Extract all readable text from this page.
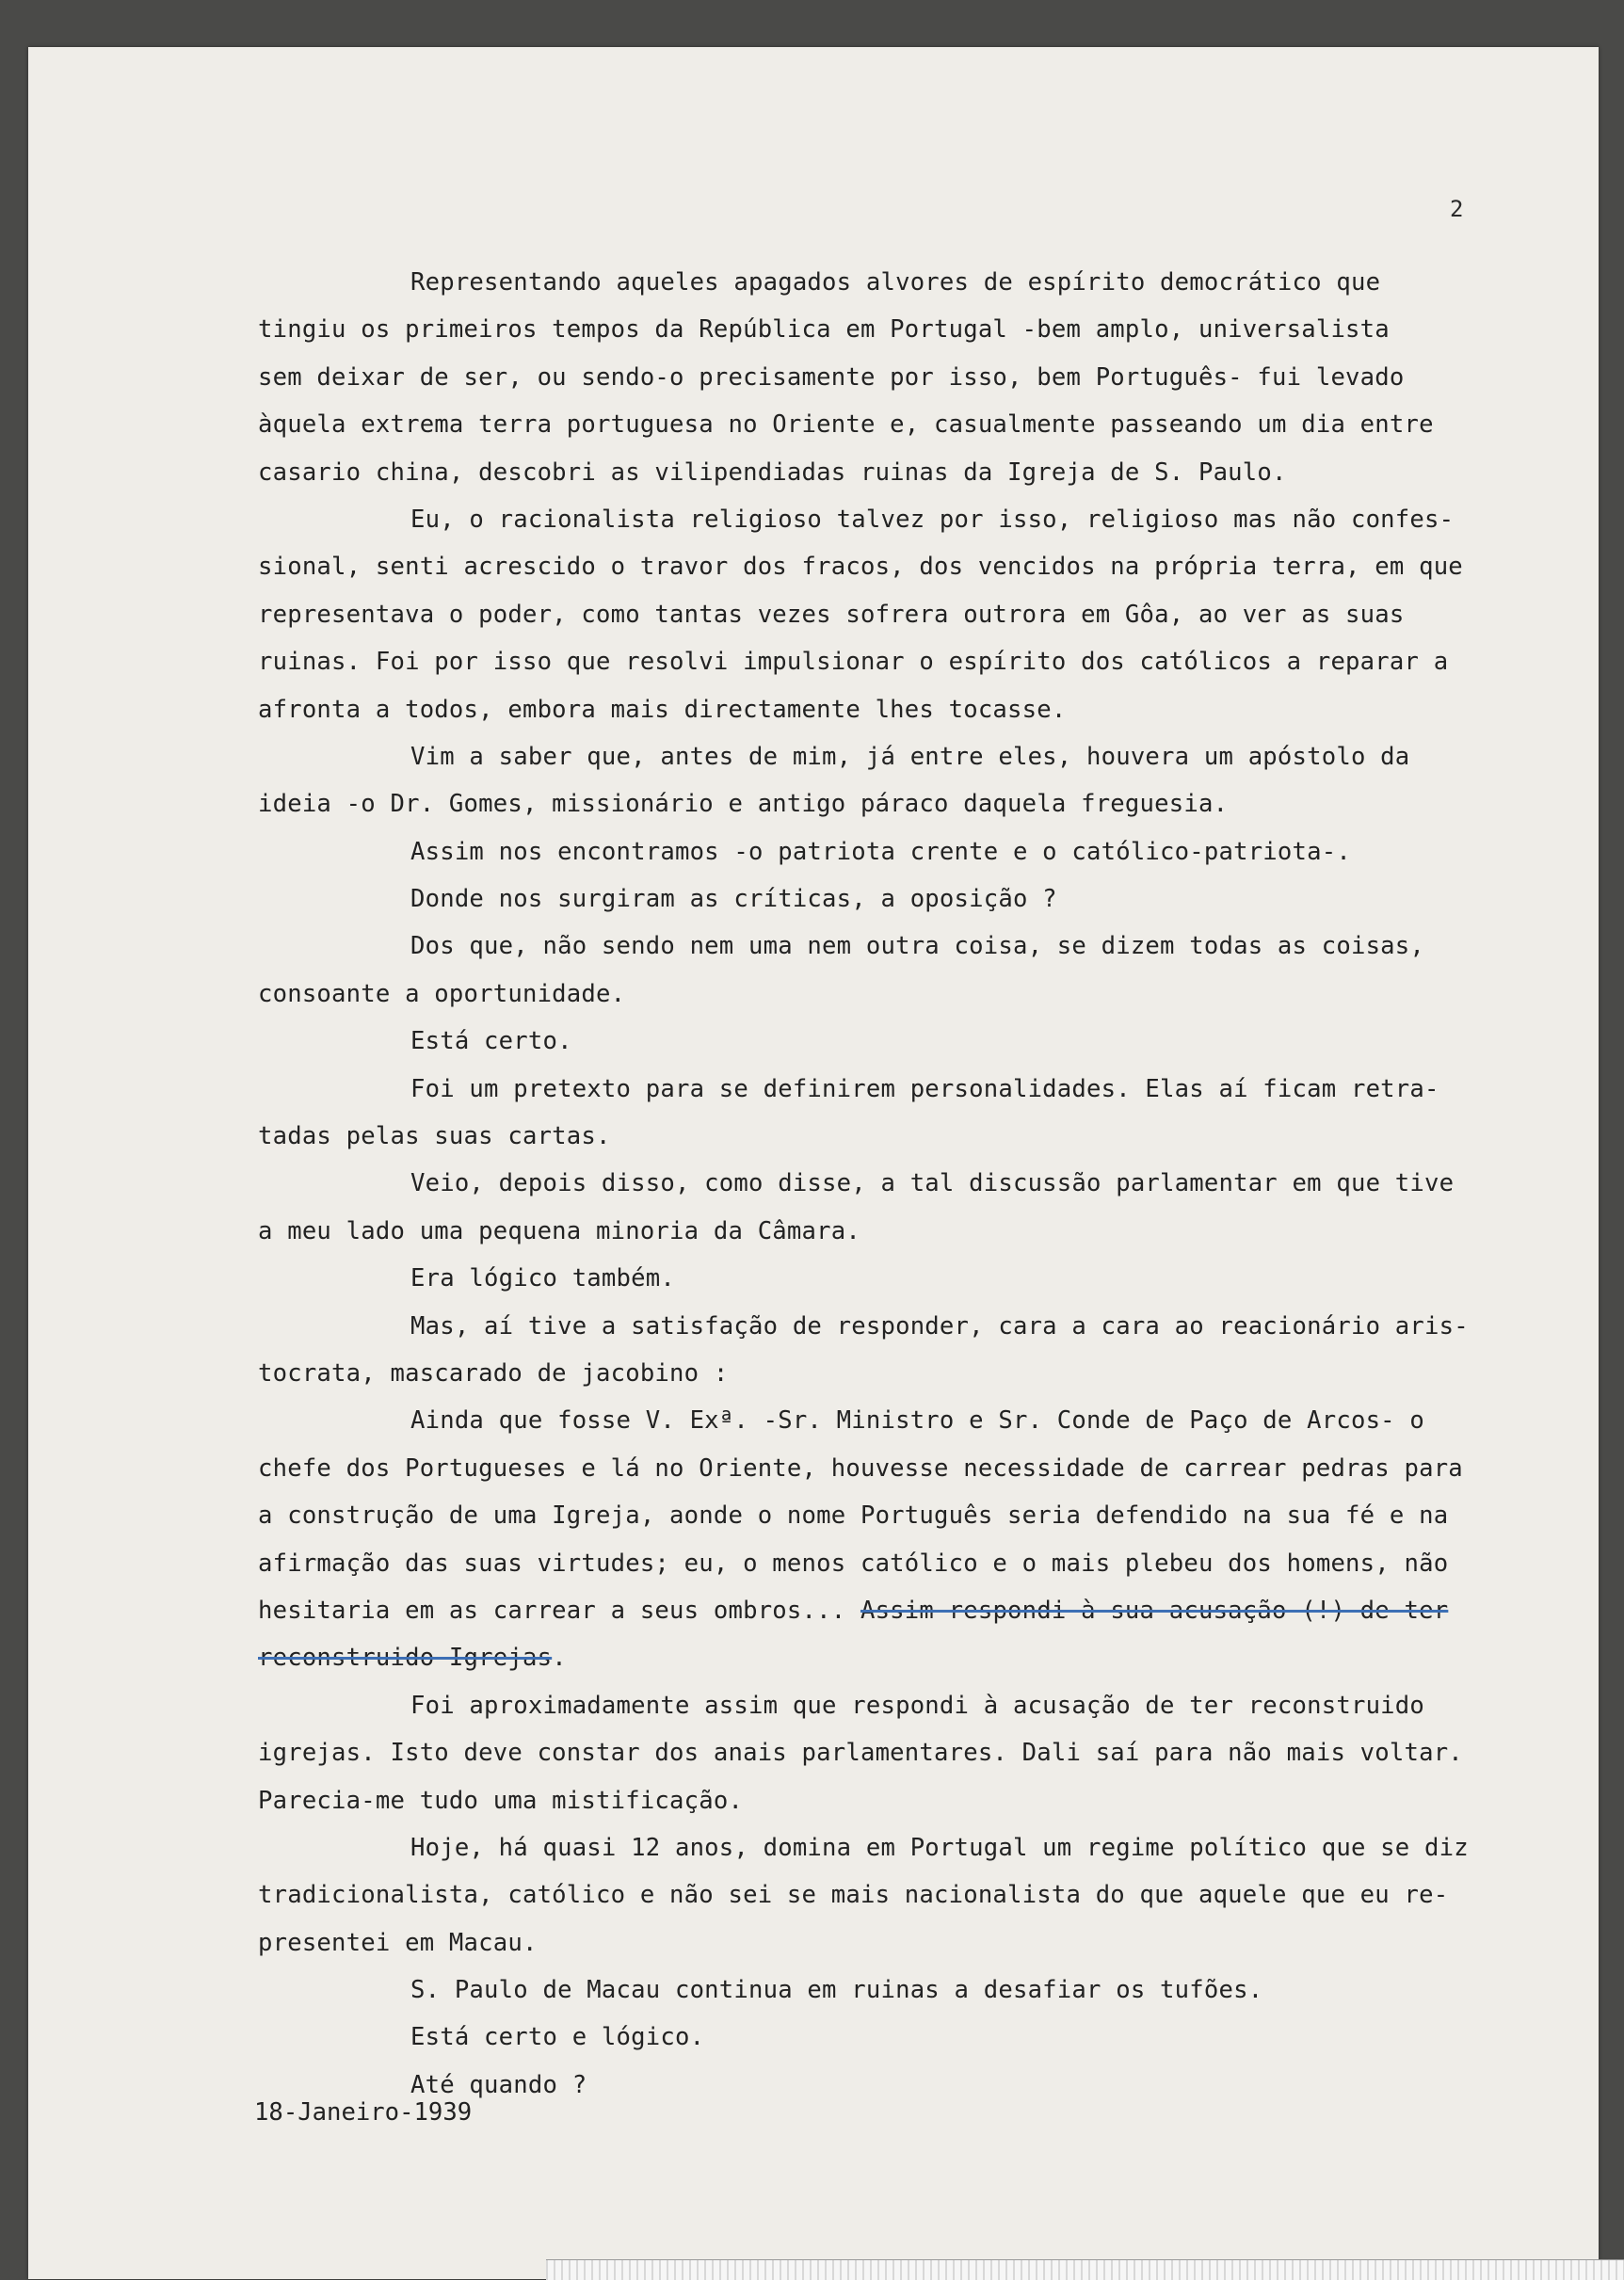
2
Representando aqueles apagados alvores de espírito democrático que
tingiu os primeiros tempos da República em Portugal -bem amplo, universalista
sem deixar de ser, ou sendo-o precisamente por isso, bem Português- fui levado
àquela extrema terra portuguesa no Oriente e, casualmente passeando um dia entre
casario china, descobri as vilipendiadas ruinas da Igreja de S. Paulo.
Eu, o racionalista religioso talvez por isso, religioso mas não confes-
sional, senti acrescido o travor dos fracos, dos vencidos na própria terra, em que
representava o poder, como tantas vezes sofrera outrora em Gôa, ao ver as suas
ruinas. Foi por isso que resolvi impulsionar o espírito dos católicos a reparar a
afronta a todos, embora mais directamente lhes tocasse.
Vim a saber que, antes de mim, já entre eles, houvera um apóstolo da
ideia -o Dr. Gomes, missionário e antigo páraco daquela freguesia.
Assim nos encontramos -o patriota crente e o católico-patriota-.
Donde nos surgiram as críticas, a oposição ?
Dos que, não sendo nem uma nem outra coisa, se dizem todas as coisas,
consoante a oportunidade.
Está certo.
Foi um pretexto para se definirem personalidades. Elas aí ficam retra-
tadas pelas suas cartas.
Veio, depois disso, como disse, a tal discussão parlamentar em que tive
a meu lado uma pequena minoria da Câmara.
Era lógico também.
Mas, aí tive a satisfação de responder, cara a cara ao reacionário aris-
tocrata, mascarado de jacobino :
Ainda que fosse V. Exª. -Sr. Ministro e Sr. Conde de Paço de Arcos- o
chefe dos Portugueses e lá no Oriente, houvesse necessidade de carrear pedras para
a construção de uma Igreja, aonde o nome Português seria defendido na sua fé e na
afirmação das suas virtudes; eu, o menos católico e o mais plebeu dos homens, não
hesitaria em as carrear a seus ombros... Assim respondi à sua acusação (!) de ter
reconstruido Igrejas.
Foi aproximadamente assim que respondi à acusação de ter reconstruido
igrejas. Isto deve constar dos anais parlamentares. Dali saí para não mais voltar.
Parecia-me tudo uma mistificação.
Hoje, há quasi 12 anos, domina em Portugal um regime político que se diz
tradicionalista, católico e não sei se mais nacionalista do que aquele que eu re-
presentei em Macau.
S. Paulo de Macau continua em ruinas a desafiar os tufões.
Está certo e lógico.
Até quando ?
18-Janeiro-1939
